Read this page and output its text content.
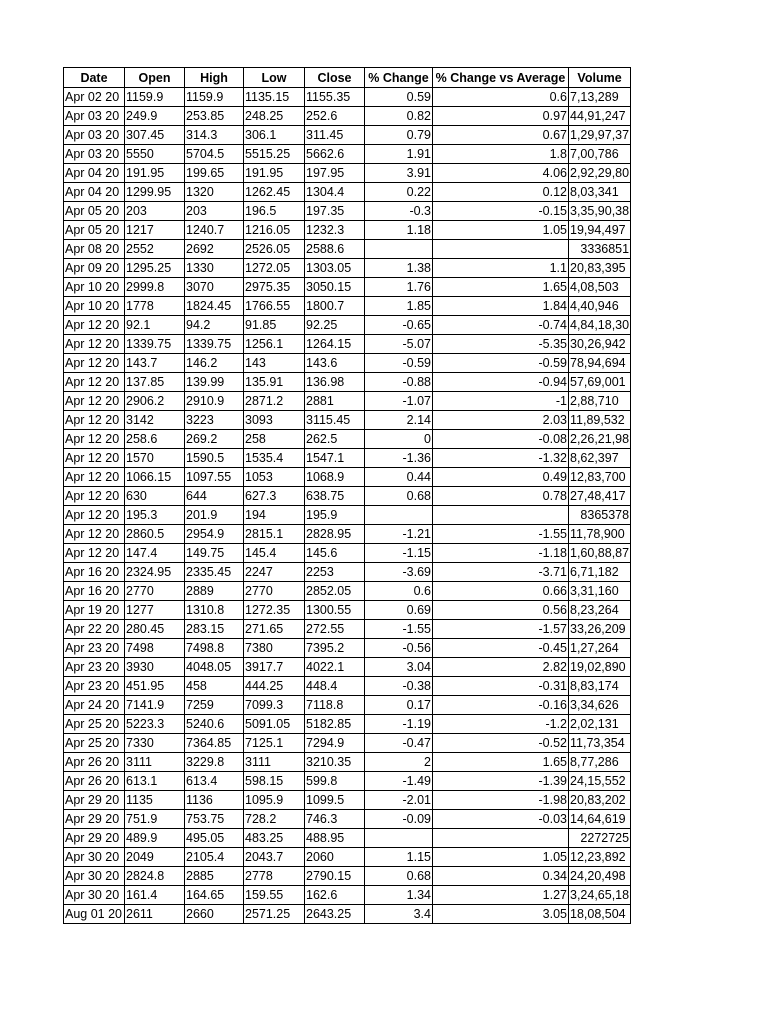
Date	Open	High	Low	Close	% Change	% Change vs Average	Volume
Apr 02 20	1159.9	1159.9	1135.15	1155.35	0.59	0.6	7,13,289
Apr 03 20	249.9	253.85	248.25	252.6	0.82	0.97	44,91,247
Apr 03 20	307.45	314.3	306.1	311.45	0.79	0.67	1,29,97,37
Apr 03 20	5550	5704.5	5515.25	5662.6	1.91	1.8	7,00,786
Apr 04 20	191.95	199.65	191.95	197.95	3.91	4.06	2,92,29,80
Apr 04 20	1299.95	1320	1262.45	1304.4	0.22	0.12	8,03,341
Apr 05 20	203	203	196.5	197.35	-0.3	-0.15	3,35,90,38
Apr 05 20	1217	1240.7	1216.05	1232.3	1.18	1.05	19,94,497
Apr 08 20	2552	2692	2526.05	2588.6			3336851
Apr 09 20	1295.25	1330	1272.05	1303.05	1.38	1.1	20,83,395
Apr 10 20	2999.8	3070	2975.35	3050.15	1.76	1.65	4,08,503
Apr 10 20	1778	1824.45	1766.55	1800.7	1.85	1.84	4,40,946
Apr 12 20	92.1	94.2	91.85	92.25	-0.65	-0.74	4,84,18,30
Apr 12 20	1339.75	1339.75	1256.1	1264.15	-5.07	-5.35	30,26,942
Apr 12 20	143.7	146.2	143	143.6	-0.59	-0.59	78,94,694
Apr 12 20	137.85	139.99	135.91	136.98	-0.88	-0.94	57,69,001
Apr 12 20	2906.2	2910.9	2871.2	2881	-1.07	-1	2,88,710
Apr 12 20	3142	3223	3093	3115.45	2.14	2.03	11,89,532
Apr 12 20	258.6	269.2	258	262.5	0	-0.08	2,26,21,98
Apr 12 20	1570	1590.5	1535.4	1547.1	-1.36	-1.32	8,62,397
Apr 12 20	1066.15	1097.55	1053	1068.9	0.44	0.49	12,83,700
Apr 12 20	630	644	627.3	638.75	0.68	0.78	27,48,417
Apr 12 20	195.3	201.9	194	195.9			8365378
Apr 12 20	2860.5	2954.9	2815.1	2828.95	-1.21	-1.55	11,78,900
Apr 12 20	147.4	149.75	145.4	145.6	-1.15	-1.18	1,60,88,87
Apr 16 20	2324.95	2335.45	2247	2253	-3.69	-3.71	6,71,182
Apr 16 20	2770	2889	2770	2852.05	0.6	0.66	3,31,160
Apr 19 20	1277	1310.8	1272.35	1300.55	0.69	0.56	8,23,264
Apr 22 20	280.45	283.15	271.65	272.55	-1.55	-1.57	33,26,209
Apr 23 20	7498	7498.8	7380	7395.2	-0.56	-0.45	1,27,264
Apr 23 20	3930	4048.05	3917.7	4022.1	3.04	2.82	19,02,890
Apr 23 20	451.95	458	444.25	448.4	-0.38	-0.31	8,83,174
Apr 24 20	7141.9	7259	7099.3	7118.8	0.17	-0.16	3,34,626
Apr 25 20	5223.3	5240.6	5091.05	5182.85	-1.19	-1.2	2,02,131
Apr 25 20	7330	7364.85	7125.1	7294.9	-0.47	-0.52	11,73,354
Apr 26 20	3111	3229.8	3111	3210.35	2	1.65	8,77,286
Apr 26 20	613.1	613.4	598.15	599.8	-1.49	-1.39	24,15,552
Apr 29 20	1135	1136	1095.9	1099.5	-2.01	-1.98	20,83,202
Apr 29 20	751.9	753.75	728.2	746.3	-0.09	-0.03	14,64,619
Apr 29 20	489.9	495.05	483.25	488.95			2272725
Apr 30 20	2049	2105.4	2043.7	2060	1.15	1.05	12,23,892
Apr 30 20	2824.8	2885	2778	2790.15	0.68	0.34	24,20,498
Apr 30 20	161.4	164.65	159.55	162.6	1.34	1.27	3,24,65,18
Aug 01 20	2611	2660	2571.25	2643.25	3.4	3.05	18,08,504
